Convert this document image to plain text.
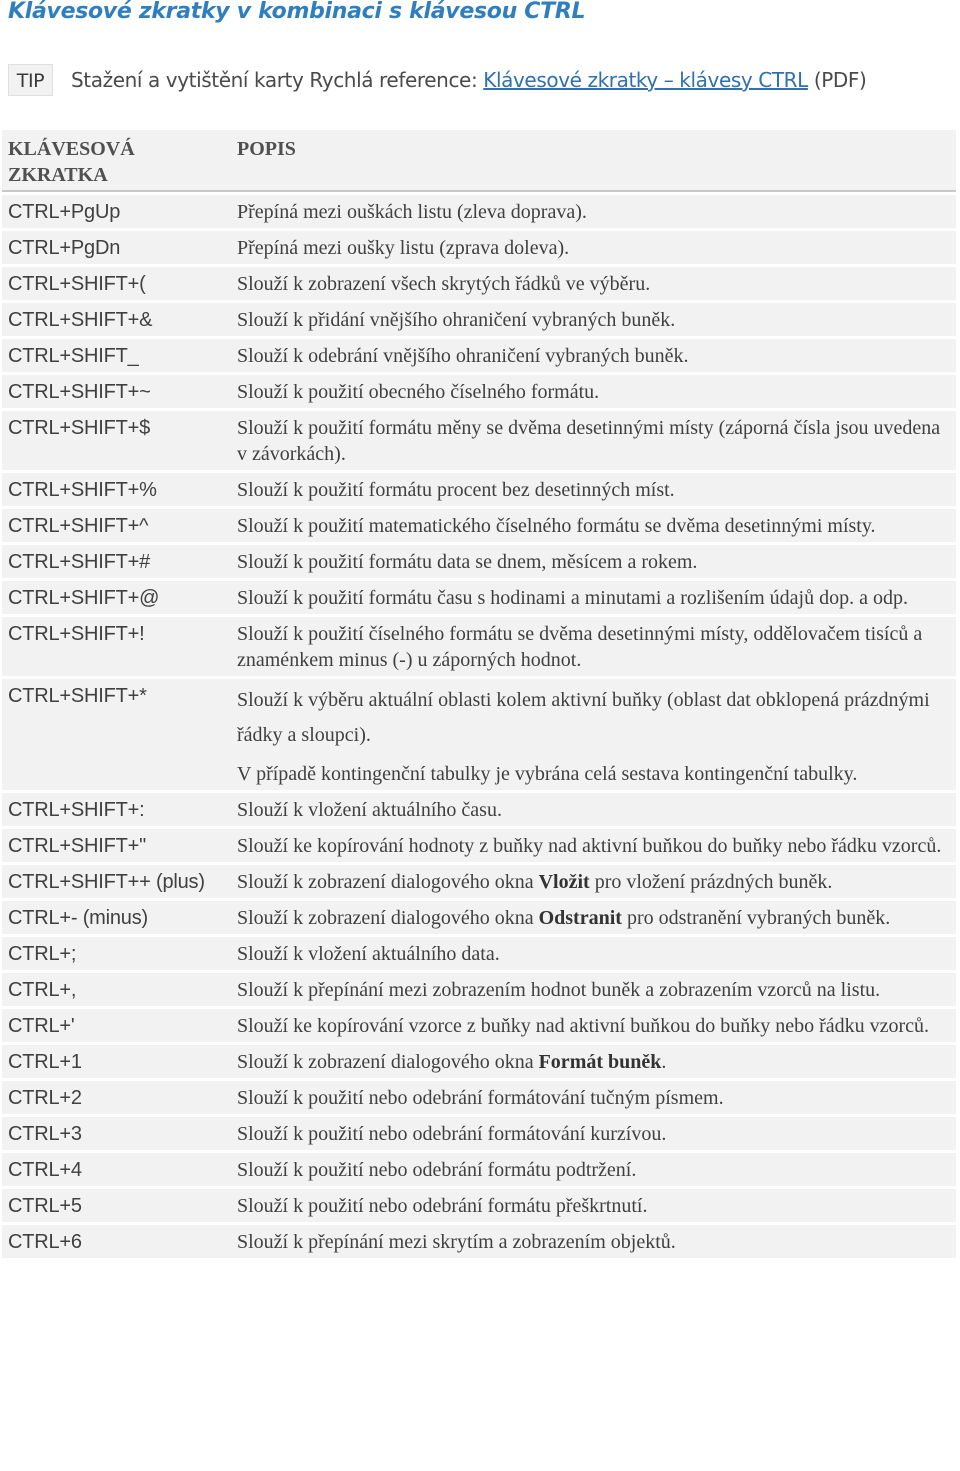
Klávesové zkratky v kombinaci s klávesou CTRL
TIP	Stažení a vytištění karty Rychlá reference: Klávesové zkratky – klávesy CTRL (PDF)
KLÁVESOVÁ ZKRATKA	POPIS
CTRL+PgUp	Přepíná mezi ouškách listu (zleva doprava).
CTRL+PgDn	Přepíná mezi oušky listu (zprava doleva).
CTRL+SHIFT+(	Slouží k zobrazení všech skrytých řádků ve výběru.
CTRL+SHIFT+&	Slouží k přidání vnějšího ohraničení vybraných buněk.
CTRL+SHIFT_	Slouží k odebrání vnějšího ohraničení vybraných buněk.
CTRL+SHIFT+~	Slouží k použití obecného číselného formátu.
CTRL+SHIFT+$	Slouží k použití formátu měny se dvěma desetinnými místy (záporná čísla jsou uvedena v závorkách).
CTRL+SHIFT+%	Slouží k použití formátu procent bez desetinných míst.
CTRL+SHIFT+^	Slouží k použití matematického číselného formátu se dvěma desetinnými místy.
CTRL+SHIFT+#	Slouží k použití formátu data se dnem, měsícem a rokem.
CTRL+SHIFT+@	Slouží k použití formátu času s hodinami a minutami a rozlišením údajů dop. a odp.
CTRL+SHIFT+!	Slouží k použití číselného formátu se dvěma desetinnými místy, oddělovačem tisíců a znaménkem minus (-) u záporných hodnot.
CTRL+SHIFT+*	Slouží k výběru aktuální oblasti kolem aktivní buňky (oblast dat obklopená prázdnými řádky a sloupci).
V případě kontingenční tabulky je vybrána celá sestava kontingenční tabulky.

CTRL+SHIFT+:	Slouží k vložení aktuálního času.
CTRL+SHIFT+"	Slouží ke kopírování hodnoty z buňky nad aktivní buňkou do buňky nebo řádku vzorců.
CTRL+SHIFT++ (plus)	Slouží k zobrazení dialogového okna Vložit pro vložení prázdných buněk.
CTRL+- (minus)	Slouží k zobrazení dialogového okna Odstranit pro odstranění vybraných buněk.
CTRL+;	Slouží k vložení aktuálního data.
CTRL+,	Slouží k přepínání mezi zobrazením hodnot buněk a zobrazením vzorců na listu.
CTRL+'	Slouží ke kopírování vzorce z buňky nad aktivní buňkou do buňky nebo řádku vzorců.
CTRL+1	Slouží k zobrazení dialogového okna Formát buněk.
CTRL+2	Slouží k použití nebo odebrání formátování tučným písmem.
CTRL+3	Slouží k použití nebo odebrání formátování kurzívou.
CTRL+4	Slouží k použití nebo odebrání formátu podtržení.
CTRL+5	Slouží k použití nebo odebrání formátu přeškrtnutí.
CTRL+6	Slouží k přepínání mezi skrytím a zobrazením objektů.
